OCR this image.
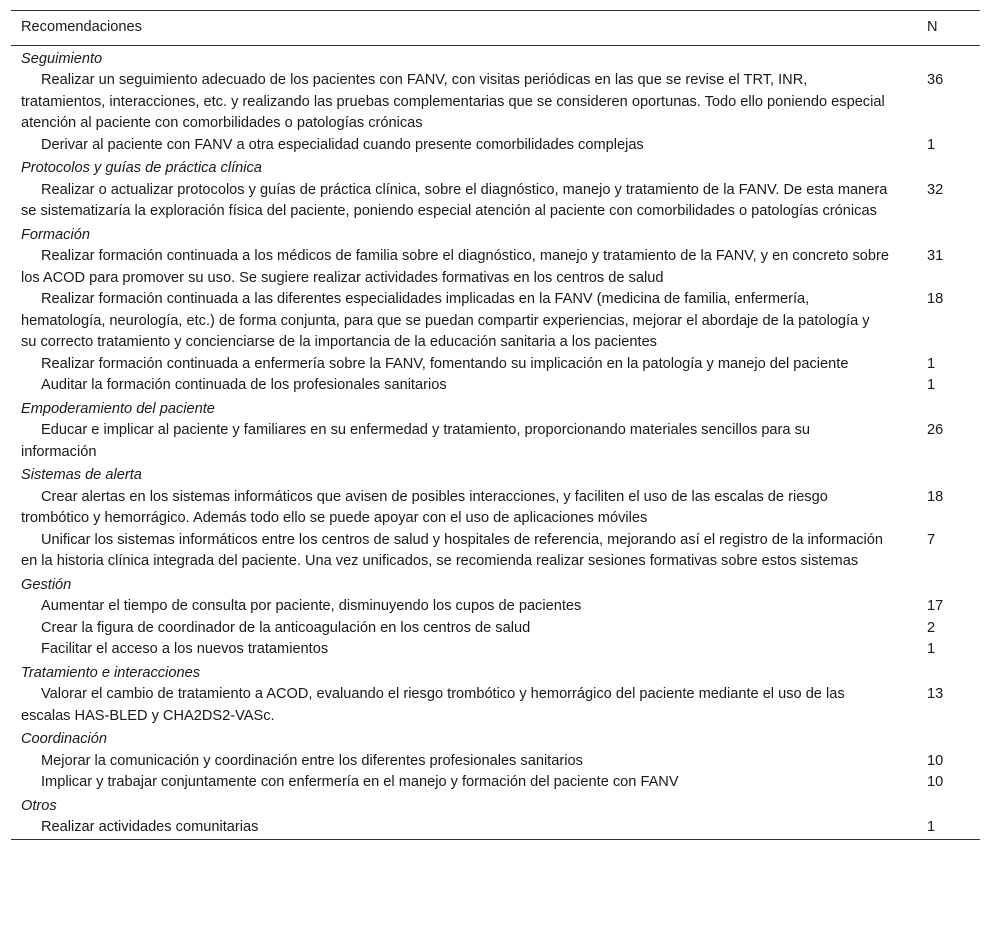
Recomendaciones	N
Seguimiento	
Realizar un seguimiento adecuado de los pacientes con FANV, con visitas periódicas en las que se revise el TRT, INR, tratamientos, interacciones, etc. y realizando las pruebas complementarias que se consideren oportunas. Todo ello poniendo especial atención al paciente con comorbilidades o patologías crónicas	36
Derivar al paciente con FANV a otra especialidad cuando presente comorbilidades complejas	1
Protocolos y guías de práctica clínica	
Realizar o actualizar protocolos y guías de práctica clínica, sobre el diagnóstico, manejo y tratamiento de la FANV. De esta manera se sistematizaría la exploración física del paciente, poniendo especial atención al paciente con comorbilidades o patologías crónicas	32
Formación	
Realizar formación continuada a los médicos de familia sobre el diagnóstico, manejo y tratamiento de la FANV, y en concreto sobre los ACOD para promover su uso. Se sugiere realizar actividades formativas en los centros de salud	31
Realizar formación continuada a las diferentes especialidades implicadas en la FANV (medicina de familia, enfermería, hematología, neurología, etc.) de forma conjunta, para que se puedan compartir experiencias, mejorar el abordaje de la patología y su correcto tratamiento y concienciarse de la importancia de la educación sanitaria a los pacientes	18
Realizar formación continuada a enfermería sobre la FANV, fomentando su implicación en la patología y manejo del paciente	1
Auditar la formación continuada de los profesionales sanitarios	1
Empoderamiento del paciente	
Educar e implicar al paciente y familiares en su enfermedad y tratamiento, proporcionando materiales sencillos para su información	26
Sistemas de alerta	
Crear alertas en los sistemas informáticos que avisen de posibles interacciones, y faciliten el uso de las escalas de riesgo trombótico y hemorrágico. Además todo ello se puede apoyar con el uso de aplicaciones móviles	18
Unificar los sistemas informáticos entre los centros de salud y hospitales de referencia, mejorando así el registro de la información en la historia clínica integrada del paciente. Una vez unificados, se recomienda realizar sesiones formativas sobre estos sistemas	7
Gestión	
Aumentar el tiempo de consulta por paciente, disminuyendo los cupos de pacientes	17
Crear la figura de coordinador de la anticoagulación en los centros de salud	2
Facilitar el acceso a los nuevos tratamientos	1
Tratamiento e interacciones	
Valorar el cambio de tratamiento a ACOD, evaluando el riesgo trombótico y hemorrágico del paciente mediante el uso de las escalas HAS-BLED y CHA2DS2-VASc.	13
Coordinación	
Mejorar la comunicación y coordinación entre los diferentes profesionales sanitarios	10
Implicar y trabajar conjuntamente con enfermería en el manejo y formación del paciente con FANV	10
Otros	
Realizar actividades comunitarias	1
